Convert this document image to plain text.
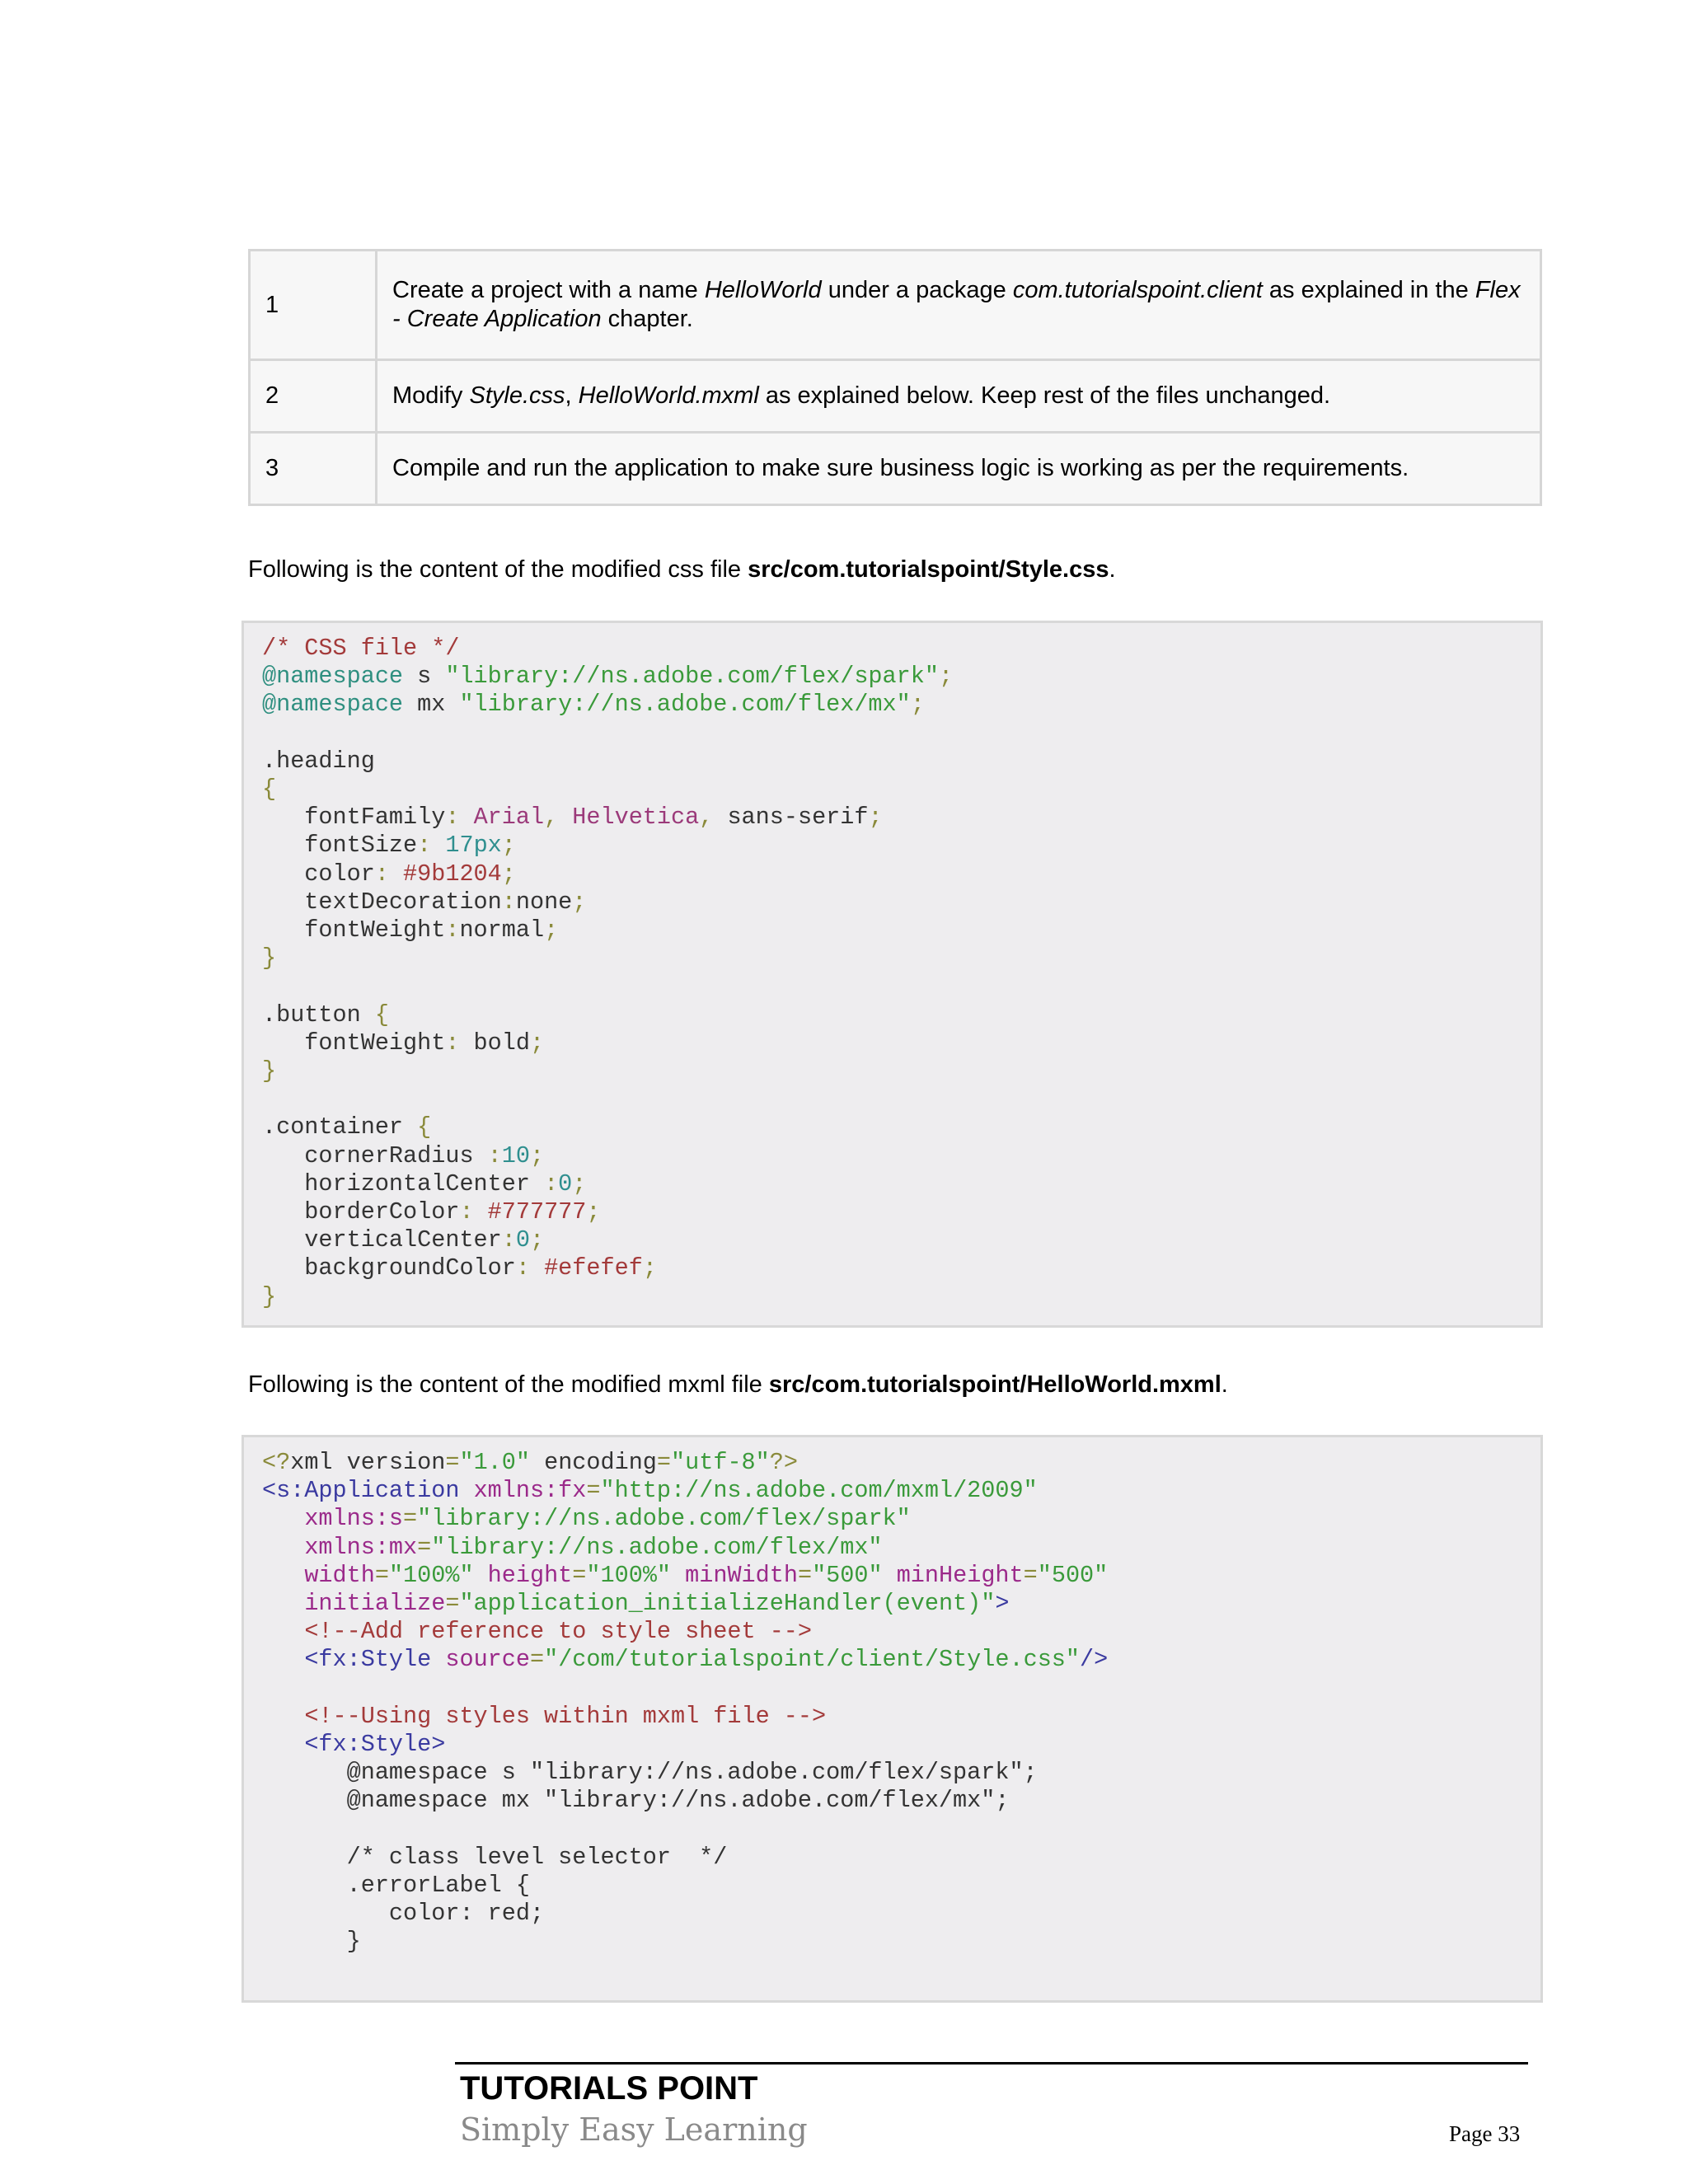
1	Create a project with a name HelloWorld under a package com.tutorialspoint.client as explained in the Flex - Create Application chapter.
2	Modify Style.css, HelloWorld.mxml as explained below. Keep rest of the files unchanged.
3	Compile and run the application to make sure business logic is working as per the requirements.
Following is the content of the modified css file src/com.tutorialspoint/Style.css.
/* CSS file */
@namespace s "library://ns.adobe.com/flex/spark";
@namespace mx "library://ns.adobe.com/flex/mx";

.heading
{
fontFamily: Arial, Helvetica, sans-serif;
fontSize: 17px;
color: #9b1204;
textDecoration:none;
fontWeight:normal;
}

.button {
fontWeight: bold;
}

.container {
cornerRadius :10;
horizontalCenter :0;
borderColor: #777777;
verticalCenter:0;
backgroundColor: #efefef;
}
Following is the content of the modified mxml file src/com.tutorialspoint/HelloWorld.mxml.
<?xml version="1.0" encoding="utf-8"?>
<s:Application xmlns:fx="http://ns.adobe.com/mxml/2009"
xmlns:s="library://ns.adobe.com/flex/spark"
xmlns:mx="library://ns.adobe.com/flex/mx"
width="100%" height="100%" minWidth="500" minHeight="500"
initialize="application_initializeHandler(event)">
<!--Add reference to style sheet -->
<fx:Style source="/com/tutorialspoint/client/Style.css"/>

<!--Using styles within mxml file -->
<fx:Style>
@namespace s "library://ns.adobe.com/flex/spark";
@namespace mx "library://ns.adobe.com/flex/mx";

/* class level selector  */
.errorLabel {
color: red;
}
TUTORIALS POINT
Simply Easy Learning	Page 33
